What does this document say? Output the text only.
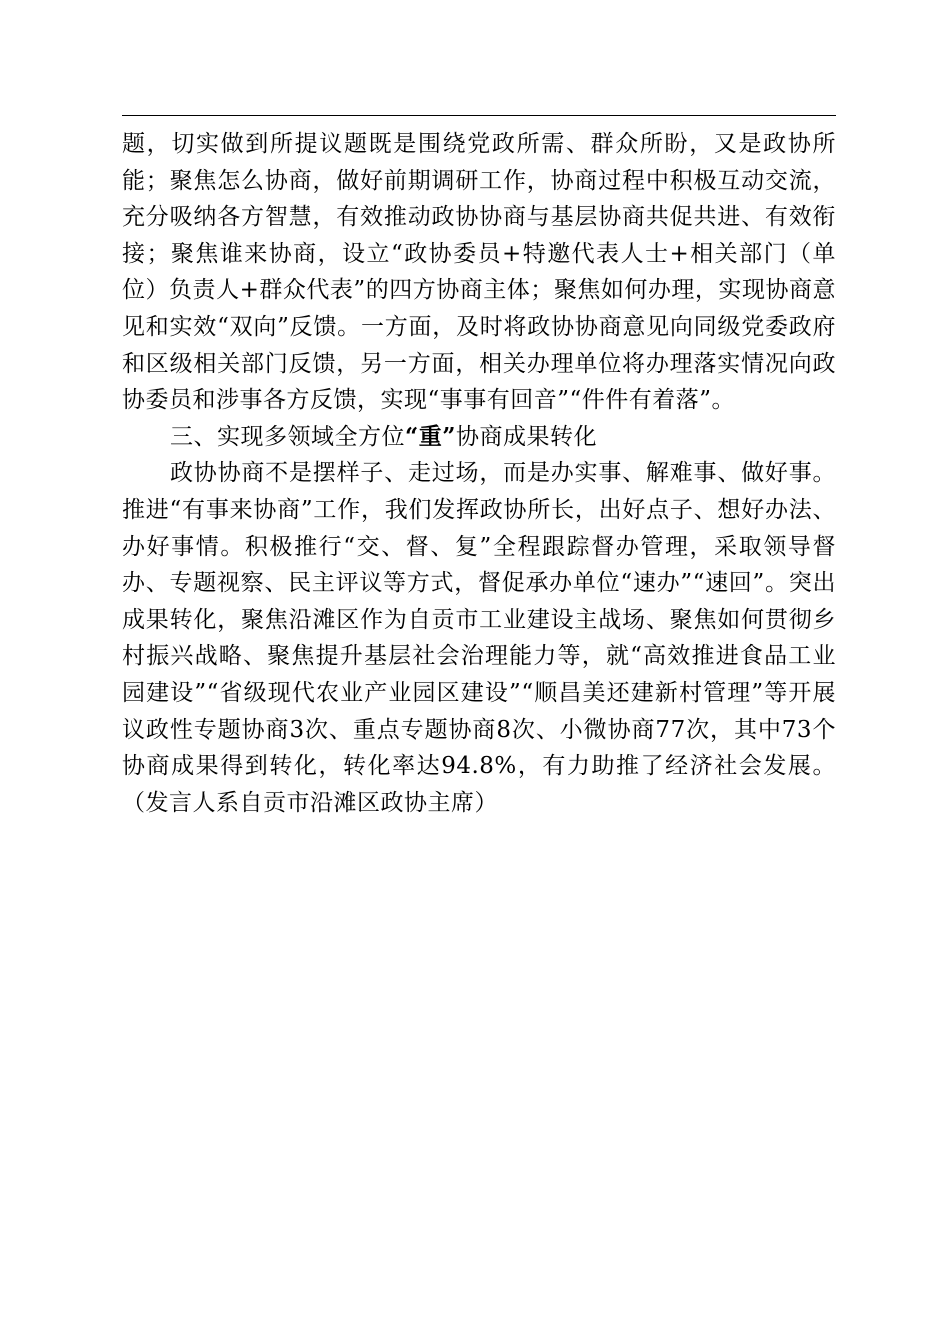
题，切实做到所提议题既是围绕党政所需、群众所盼，又是政协所能；聚焦怎么协商，做好前期调研工作，协商过程中积极互动交流，充分吸纳各方智慧，有效推动政协协商与基层协商共促共进、有效衔接；聚焦谁来协商，设立“政协委员+特邀代表人士+相关部门（单位）负责人+群众代表”的四方协商主体；聚焦如何办理，实现协商意见和实效“双向”反馈。一方面，及时将政协协商意见向同级党委政府和区级相关部门反馈，另一方面，相关办理单位将办理落实情况向政协委员和涉事各方反馈，实现“事事有回音”“件件有着落”。

三、实现多领域全方位“重”协商成果转化

政协协商不是摆样子、走过场，而是办实事、解难事、做好事。推进“有事来协商”工作，我们发挥政协所长，出好点子、想好办法、办好事情。积极推行“交、督、复”全程跟踪督办管理，采取领导督办、专题视察、民主评议等方式，督促承办单位“速办”“速回”。突出成果转化，聚焦沿滩区作为自贡市工业建设主战场、聚焦如何贯彻乡村振兴战略、聚焦提升基层社会治理能力等，就“高效推进食品工业园建设”“省级现代农业产业园区建设”“顺昌美还建新村管理”等开展议政性专题协商3次、重点专题协商8次、小微协商77次，其中73个协商成果得到转化，转化率达94.8%，有力助推了经济社会发展。（发言人系自贡市沿滩区政协主席）
